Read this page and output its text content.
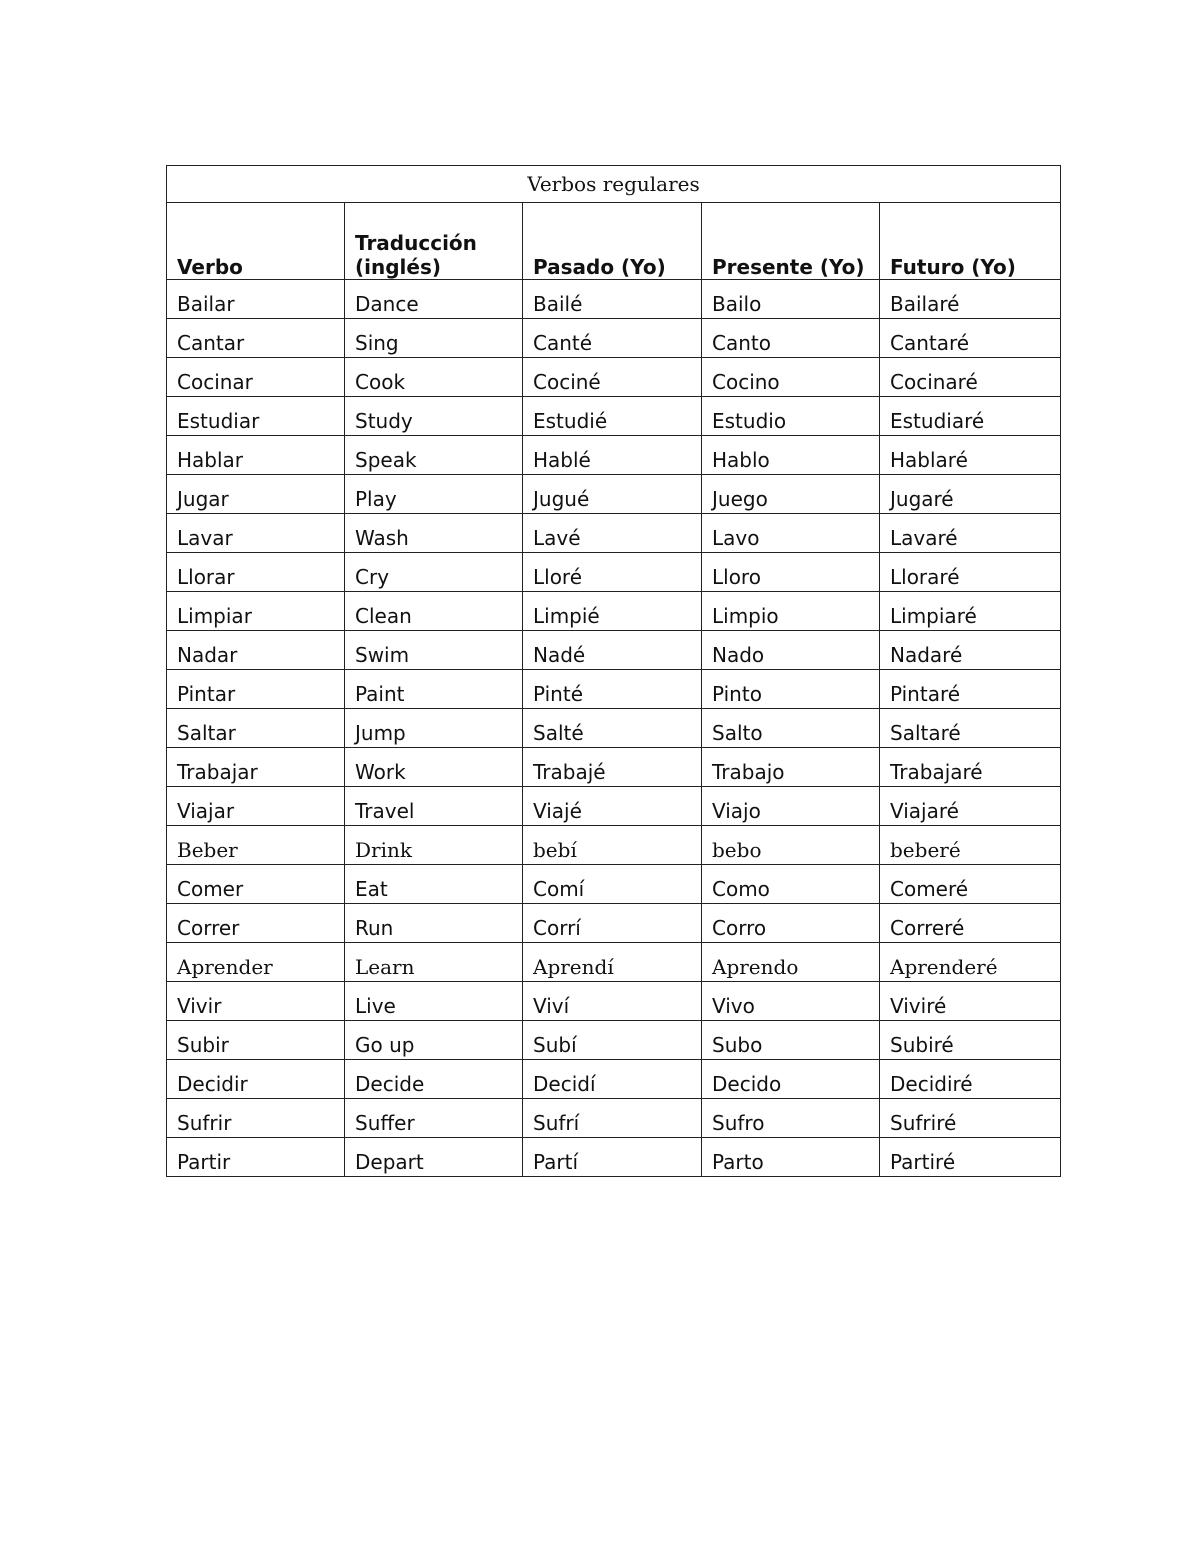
Verbos regulares				
Verbo	Traducción (inglés)	Pasado (Yo)	Presente (Yo)	Futuro (Yo)
Bailar	Dance	Bailé	Bailo	Bailaré
Cantar	Sing	Canté	Canto	Cantaré
Cocinar	Cook	Cociné	Cocino	Cocinaré
Estudiar	Study	Estudié	Estudio	Estudiaré
Hablar	Speak	Hablé	Hablo	Hablaré
Jugar	Play	Jugué	Juego	Jugaré
Lavar	Wash	Lavé	Lavo	Lavaré
Llorar	Cry	Lloré	Lloro	Lloraré
Limpiar	Clean	Limpié	Limpio	Limpiaré
Nadar	Swim	Nadé	Nado	Nadaré
Pintar	Paint	Pinté	Pinto	Pintaré
Saltar	Jump	Salté	Salto	Saltaré
Trabajar	Work	Trabajé	Trabajo	Trabajaré
Viajar	Travel	Viajé	Viajo	Viajaré
Beber	Drink	bebí	bebo	beberé
Comer	Eat	Comí	Como	Comeré
Correr	Run	Corrí	Corro	Correré
Aprender	Learn	Aprendí	Aprendo	Aprenderé
Vivir	Live	Viví	Vivo	Viviré
Subir	Go up	Subí	Subo	Subiré
Decidir	Decide	Decidí	Decido	Decidiré
Sufrir	Suffer	Sufrí	Sufro	Sufriré
Partir	Depart	Partí	Parto	Partiré
